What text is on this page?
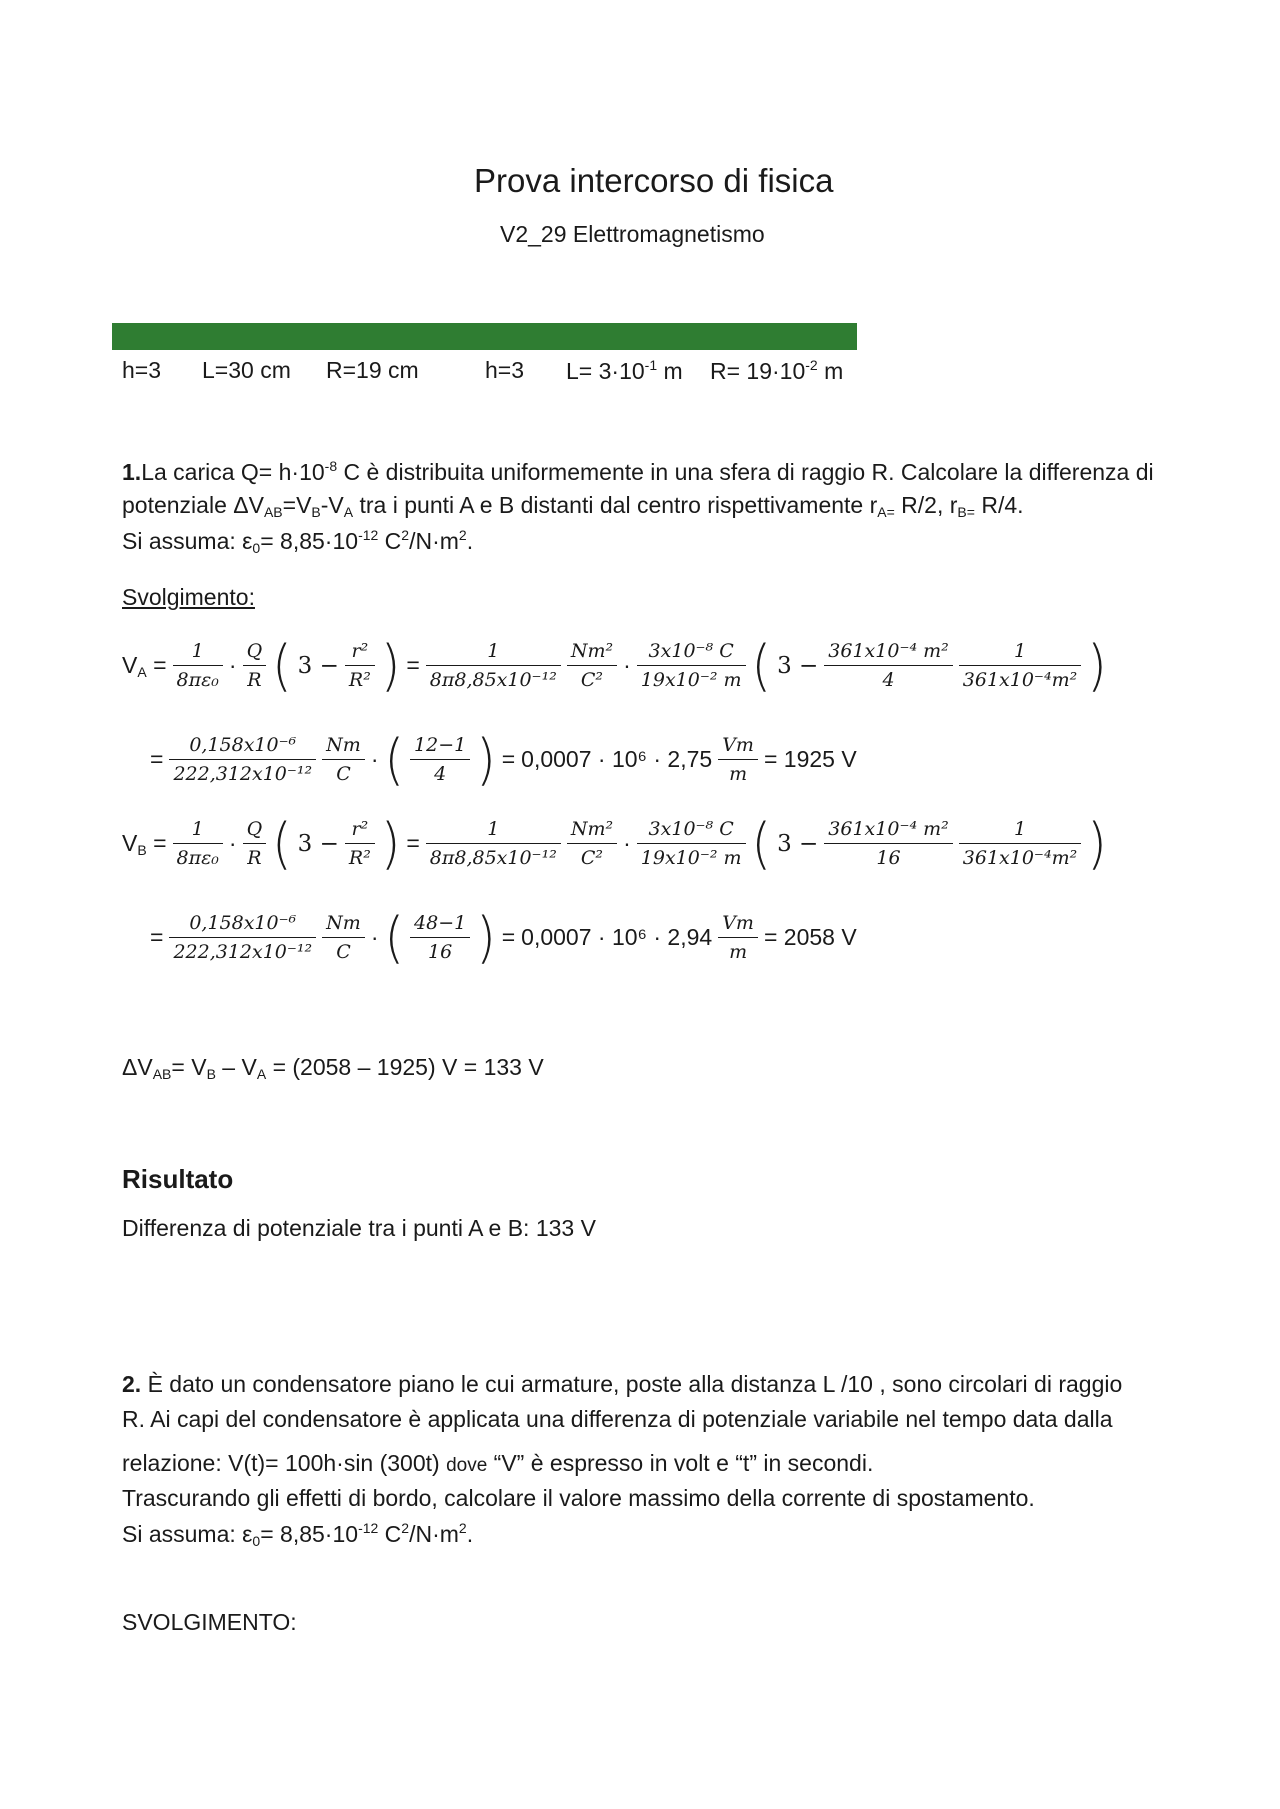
Prova intercorso di fisica
V2_29 Elettromagnetismo
h=3 L=30 cm R=19 cm	h=3 $L= 3\cdot 10^{-1}$ m $R= 19\cdot 10^{-2}$ m
1.La carica $Q= h\cdot 10^{-8}$ C è distribuita uniformemente in una sfera di raggio R. Calcolare la differenza di
potenziale $\Delta V_{AB}=V_B-V_A$ tra i punti A e B distanti dal centro rispettivamente $r_{A=}$ R/2, $r_{B=}$ R/4.
Si assuma: $\varepsilon_0= 8,85\cdot 10^{-12}$ $C^2/N\cdot m^2$.
Svolgimento:
$V_A = \frac{1}{\text{8πε₀}} \cdot \frac{Q}{R}$ ( $3 - \frac{\text{r²}}{\text{R²}}$ ) = $\frac{1}{\text{8π8,85x10⁻¹²}} \frac{\text{Nm²}}{\text{C²}} \cdot \frac{\text{3x10⁻⁸ C}}{\text{19x10⁻² m}}$ ( $3 - \frac{\text{361x10⁻⁴ m²}}{4} \frac{1}{\text{361x10⁻⁴m²}}$ )
= $\frac{\text{0,158x10⁻⁶}}{\text{222,312x10⁻¹²}} \frac{Nm}{C}$ · ( $\frac{12-1}{4}$ ) = $0,0007 \cdot 10^6 \cdot 2,75 \frac{Vm}{m} = 1925$ V
$V_B = \frac{1}{\text{8πε₀}} \cdot \frac{Q}{R}$ ( $3 - \frac{\text{r²}}{\text{R²}}$ ) = $\frac{1}{\text{8π8,85x10⁻¹²}} \frac{\text{Nm²}}{\text{C²}} \cdot \frac{\text{3x10⁻⁸ C}}{\text{19x10⁻² m}}$ ( $3 - \frac{\text{361x10⁻⁴ m²}}{16} \frac{1}{\text{361x10⁻⁴m²}}$ )
= $\frac{\text{0,158x10⁻⁶}}{\text{222,312x10⁻¹²}} \frac{Nm}{C}$ · ( $\frac{48-1}{16}$ ) = $0,0007 \cdot 10^6 \cdot 2,94 \frac{Vm}{m} = 2058$ V
$\Delta V_{AB}= V_B - V_A = (2058 - 1925) V = 133$ V
Risultato
Differenza di potenziale tra i punti A e B: 133 V
2. È dato un condensatore piano le cui armature, poste alla distanza L /10 , sono circolari di raggio
R. Ai capi del condensatore è applicata una differenza di potenziale variabile nel tempo data dalla
relazione: V(t)= 100h·sin (300t) dove “V” è espresso in volt e “t” in secondi.
Trascurando gli effetti di bordo, calcolare il valore massimo della corrente di spostamento.
Si assuma: $\varepsilon_0= 8,85\cdot 10^{-12}$ $C^2/N\cdot m^2$.
SVOLGIMENTO:
